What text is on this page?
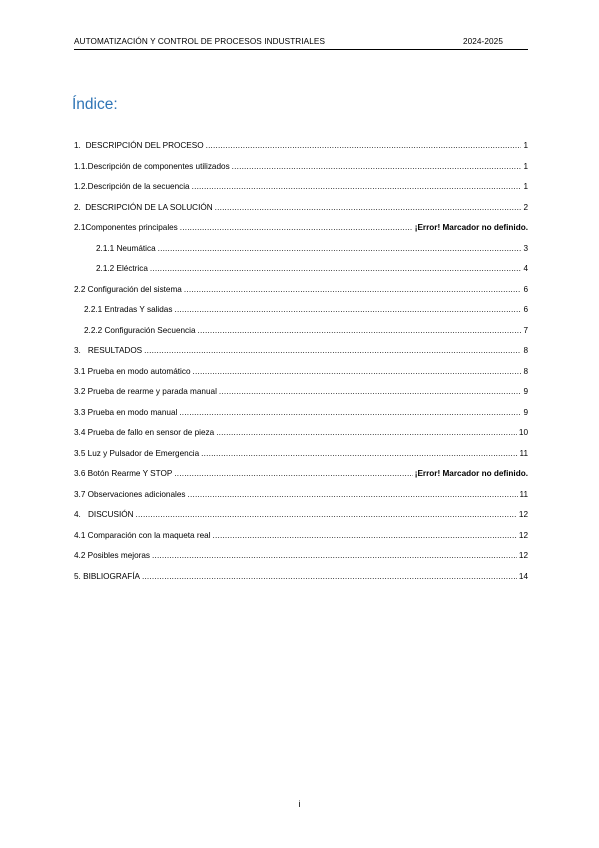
AUTOMATIZACIÓN Y CONTROL DE PROCESOS INDUSTRIALES	2024-2025
Índice:
1. DESCRIPCIÓN DEL PROCESO .....	1
1.1. Descripción de componentes utilizados .....	1
1.2. Descripción de la secuencia .....	1
2. DESCRIPCIÓN DE LA SOLUCIÓN .....	2
2.1 Componentes principales .....	¡Error! Marcador no definido.
2.1.1 Neumática .....	3
2.1.2 Eléctrica .....	4
2.2 Configuración del sistema .....	6
2.2.1 Entradas Y salidas .....	6
2.2.2 Configuración Secuencia .....	7
3. RESULTADOS .....	8
3.1 Prueba en modo automático .....	8
3.2 Prueba de rearme y parada manual .....	9
3.3 Prueba en modo manual .....	9
3.4 Prueba de fallo en sensor de pieza .....	10
3.5 Luz y Pulsador de Emergencia .....	11
3.6 Botón Rearme Y STOP .....	¡Error! Marcador no definido.
3.7 Observaciones adicionales .....	11
4. DISCUSIÓN .....	12
4.1 Comparación con la maqueta real .....	12
4.2 Posibles mejoras .....	12
5. BIBLIOGRAFÍA .....	14
i
